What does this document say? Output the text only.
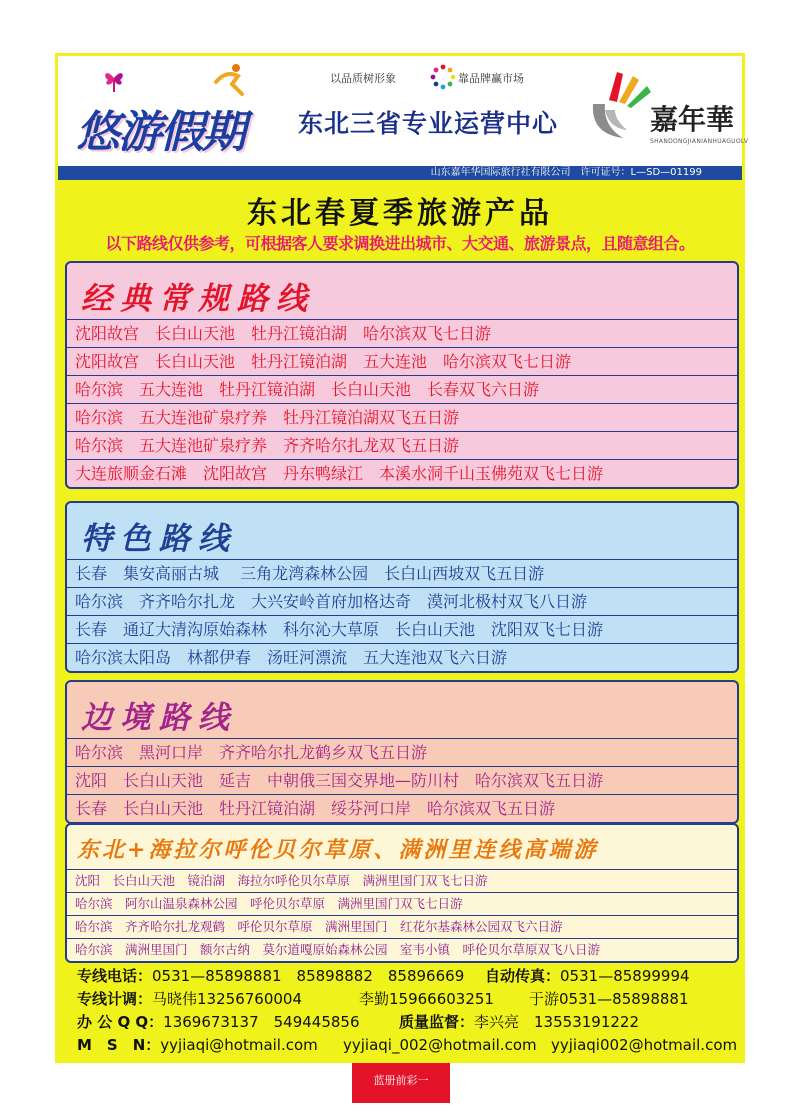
悠游假期
以品质树形象	靠品牌赢市场
东北三省专业运营中心	嘉年華
SHANDONGJIANIANHUAGUOLV
山东嘉年华国际旅行社有限公司　许可证号：L—SD—01199
东北春夏季旅游产品
以下路线仅供参考，可根据客人要求调换进出城市、大交通、旅游景点，且随意组合。
经典常规路线
沈阳故宫　长白山天池　牡丹江镜泊湖　哈尔滨双飞七日游
沈阳故宫　长白山天池　牡丹江镜泊湖　五大连池　哈尔滨双飞七日游
哈尔滨　五大连池　牡丹江镜泊湖　长白山天池　长春双飞六日游
哈尔滨　五大连池矿泉疗养　牡丹江镜泊湖双飞五日游
哈尔滨　五大连池矿泉疗养　齐齐哈尔扎龙双飞五日游
大连旅顺金石滩　沈阳故宫　丹东鸭绿江　本溪水洞千山玉佛苑双飞七日游
特色路线
长春　集安高丽古城　 三角龙湾森林公园　长白山西坡双飞五日游
哈尔滨　齐齐哈尔扎龙　大兴安岭首府加格达奇　漠河北极村双飞八日游
长春　通辽大清沟原始森林　科尔沁大草原　长白山天池　沈阳双飞七日游
哈尔滨太阳岛　林都伊春　汤旺河漂流　五大连池双飞六日游
边境路线
哈尔滨　黑河口岸　齐齐哈尔扎龙鹤乡双飞五日游
沈阳　长白山天池　延吉　中朝俄三国交界地—防川村　哈尔滨双飞五日游
长春　长白山天池　牡丹江镜泊湖　绥芬河口岸　哈尔滨双飞五日游
东北+海拉尔呼伦贝尔草原、满洲里连线高端游
沈阳　长白山天池　镜泊湖　海拉尔呼伦贝尔草原　满洲里国门双飞七日游
哈尔滨　阿尔山温泉森林公园　呼伦贝尔草原　满洲里国门双飞七日游
哈尔滨　齐齐哈尔扎龙观鹤　呼伦贝尔草原　满洲里国门　红花尔基森林公园双飞六日游
哈尔滨　满洲里国门　额尔古纳　莫尔道嘎原始森林公园　室韦小镇　呼伦贝尔草原双飞八日游
专线电话：0531—85898881　85898882　85896669 自动传真：0531—85899994
专线计调：马晓伟13256760004	李勤15966603251 于游0531—85898881
办 公 Q Q：1369673137　549445856	质量监督：李兴亮　13553191222
M　S　N：yyjiaqi@hotmail.com yyjiaqi_002@hotmail.com yyjiaqi002@hotmail.com
蓝册前彩一
